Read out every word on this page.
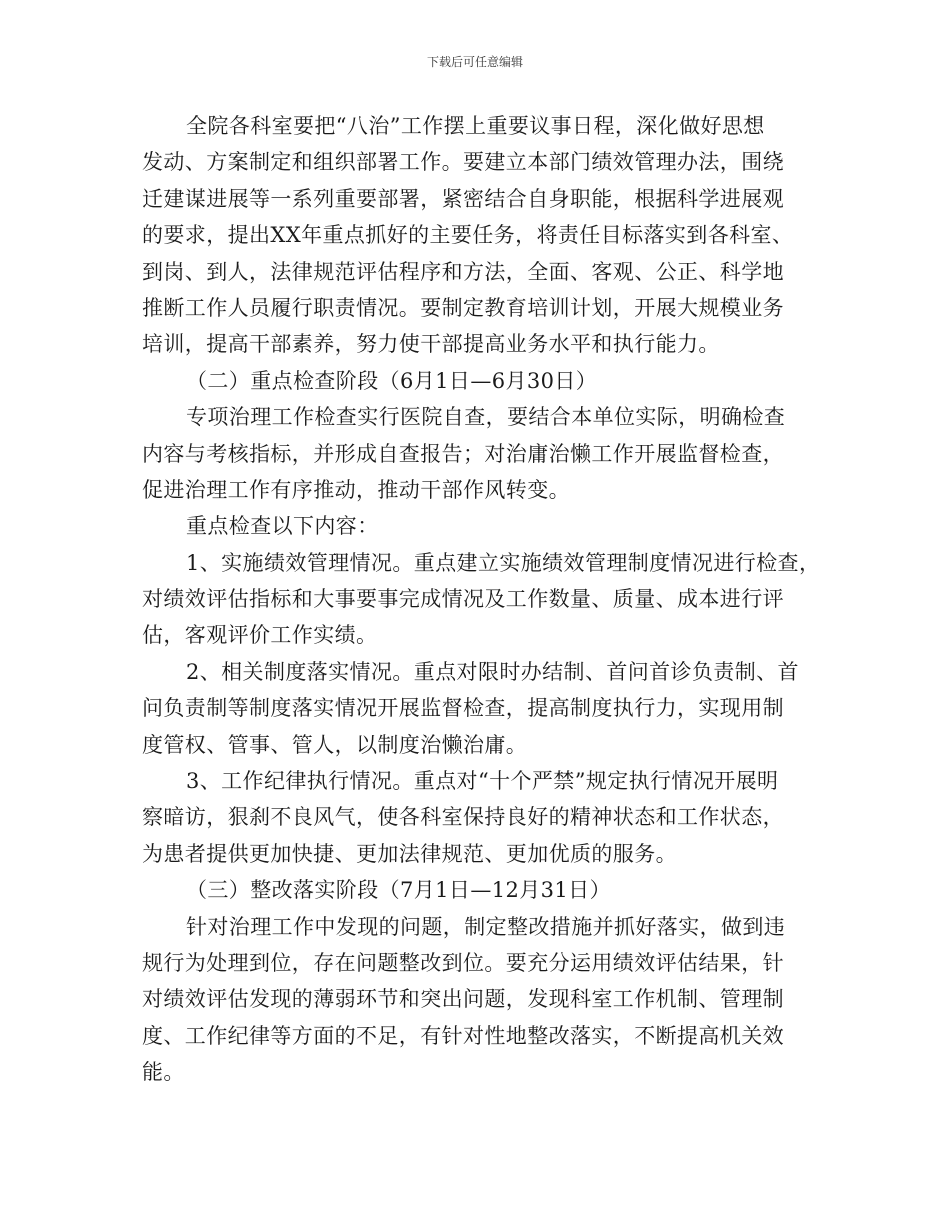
下载后可任意编辑
全院各科室要把“八治”工作摆上重要议事日程，深化做好思想
发动、方案制定和组织部署工作。要建立本部门绩效管理办法，围绕
迁建谋进展等一系列重要部署，紧密结合自身职能，根据科学进展观
的要求，提出XX年重点抓好的主要任务，将责任目标落实到各科室、
到岗、到人，法律规范评估程序和方法，全面、客观、公正、科学地
推断工作人员履行职责情况。要制定教育培训计划，开展大规模业务
培训，提高干部素养，努力使干部提高业务水平和执行能力。
（二）重点检查阶段（6月1日—6月30日）
专项治理工作检查实行医院自查，要结合本单位实际，明确检查
内容与考核指标，并形成自查报告；对治庸治懒工作开展监督检查，
促进治理工作有序推动，推动干部作风转变。
重点检查以下内容：
1、实施绩效管理情况。重点建立实施绩效管理制度情况进行检查，
对绩效评估指标和大事要事完成情况及工作数量、质量、成本进行评
估，客观评价工作实绩。
2、相关制度落实情况。重点对限时办结制、首问首诊负责制、首
问负责制等制度落实情况开展监督检查，提高制度执行力，实现用制
度管权、管事、管人，以制度治懒治庸。
3、工作纪律执行情况。重点对“十个严禁”规定执行情况开展明
察暗访，狠刹不良风气，使各科室保持良好的精神状态和工作状态，
为患者提供更加快捷、更加法律规范、更加优质的服务。
（三）整改落实阶段（7月1日—12月31日）
针对治理工作中发现的问题，制定整改措施并抓好落实，做到违
规行为处理到位，存在问题整改到位。要充分运用绩效评估结果，针
对绩效评估发现的薄弱环节和突出问题，发现科室工作机制、管理制
度、工作纪律等方面的不足，有针对性地整改落实，不断提高机关效
能。
